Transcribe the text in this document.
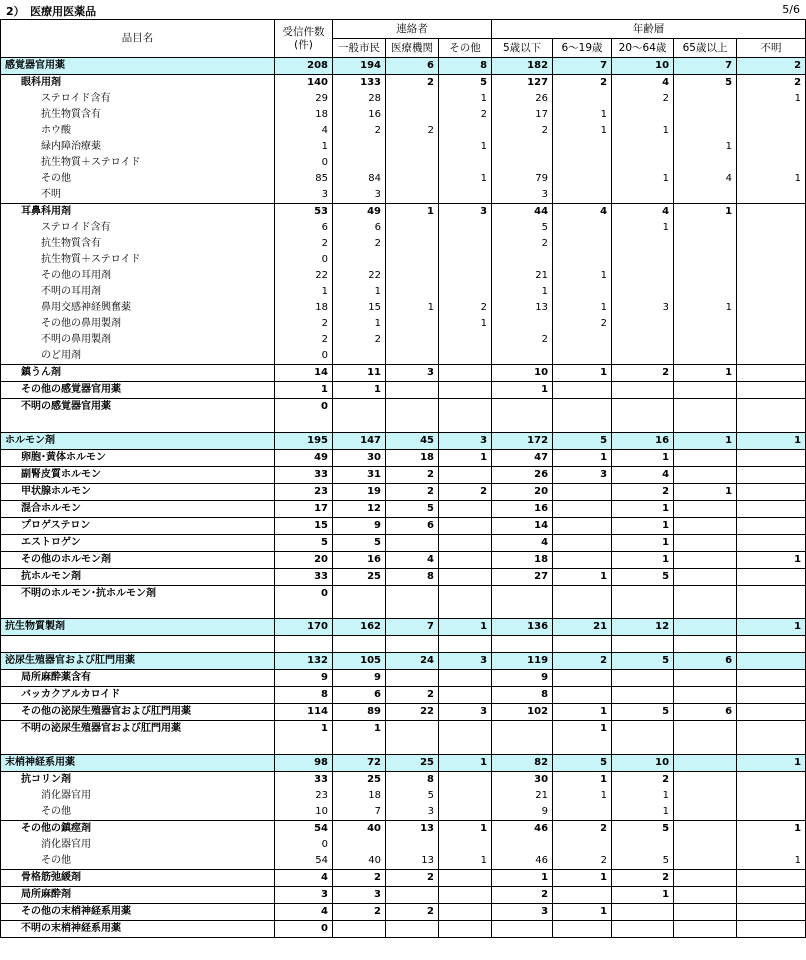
2）　医療用医薬品	5/6
品目名	受信件数
(件)	連絡者			年齢層				
		一般市民	医療機関	その他	5歳以下	6～19歳	20～64歳	65歳以上	不明
感覚器官用薬	208	194	6	8	182	7	10	7	2
眼科用剤	140	133	2	5	127	2	4	5	2
ステロイド含有	29	28		1	26		2		1
抗生物質含有	18	16		2	17	1			
ホウ酸	4	2	2		2	1	1		
緑内障治療薬	1			1				1	
抗生物質＋ステロイド	0								
その他	85	84		1	79		1	4	1
不明	3	3			3				
耳鼻科用剤	53	49	1	3	44	4	4	1	
ステロイド含有	6	6			5		1		
抗生物質含有	2	2			2				
抗生物質＋ステロイド	0								
その他の耳用剤	22	22			21	1			
不明の耳用剤	1	1			1				
鼻用交感神経興奮薬	18	15	1	2	13	1	3	1	
その他の鼻用製剤	2	1		1		2			
不明の鼻用製剤	2	2			2				
のど用剤	0								
鎮うん剤	14	11	3		10	1	2	1	
その他の感覚器官用薬	1	1			1				
不明の感覚器官用薬	0								

ホルモン剤	195	147	45	3	172	5	16	1	1
卵胞･黄体ホルモン	49	30	18	1	47	1	1		
副腎皮質ホルモン	33	31	2		26	3	4		
甲状腺ホルモン	23	19	2	2	20		2	1	
混合ホルモン	17	12	5		16		1		
プロゲステロン	15	9	6		14		1		
エストロゲン	5	5			4		1		
その他のホルモン剤	20	16	4		18		1		1
抗ホルモン剤	33	25	8		27	1	5		
不明のホルモン･抗ホルモン剤	0								

抗生物質製剤	170	162	7	1	136	21	12		1

泌尿生殖器官および肛門用薬	132	105	24	3	119	2	5	6	
局所麻酔薬含有	9	9			9				
バッカクアルカロイド	8	6	2		8				
その他の泌尿生殖器官および肛門用薬	114	89	22	3	102	1	5	6	
不明の泌尿生殖器官および肛門用薬	1	1				1			

末梢神経系用薬	98	72	25	1	82	5	10		1
抗コリン剤	33	25	8		30	1	2		
消化器官用	23	18	5		21	1	1		
その他	10	7	3		9		1		
その他の鎮痙剤	54	40	13	1	46	2	5		1
消化器官用	0								
その他	54	40	13	1	46	2	5		1
骨格筋弛緩剤	4	2	2		1	1	2		
局所麻酔剤	3	3			2		1		
その他の末梢神経系用薬	4	2	2		3	1			
不明の末梢神経系用薬	0								
